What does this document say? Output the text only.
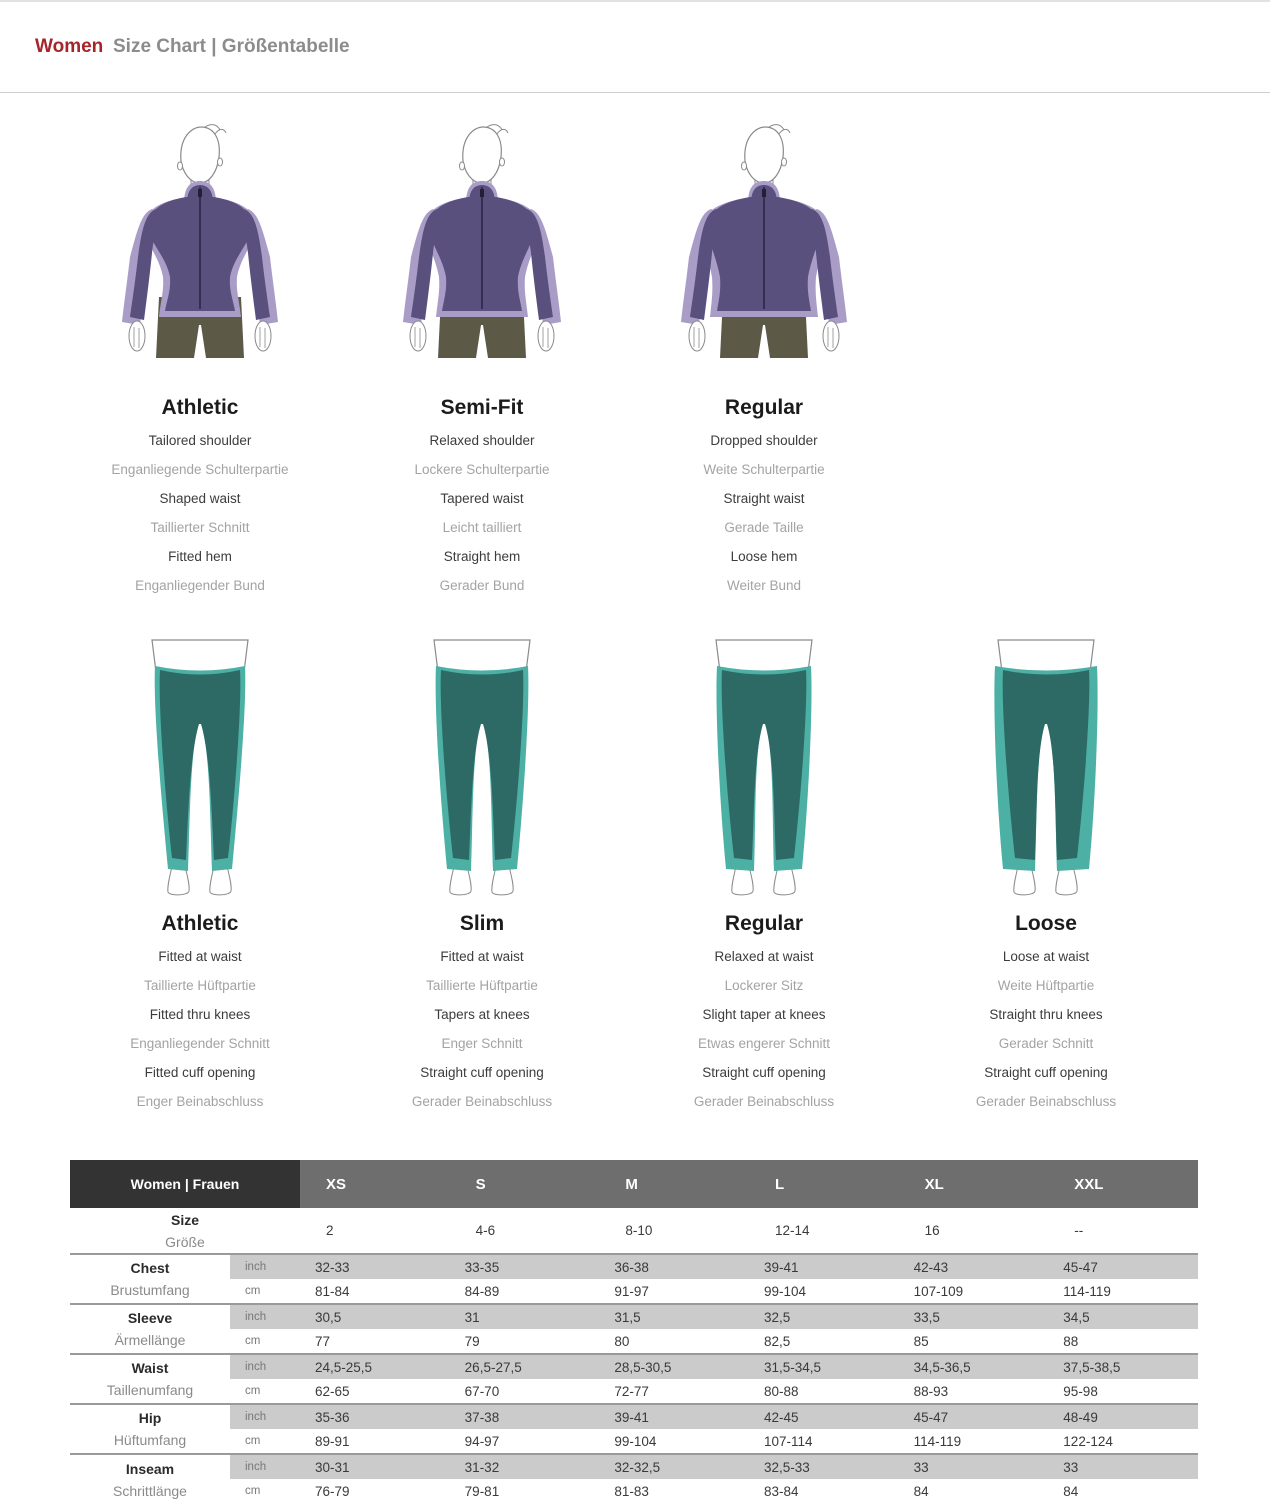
Women Size Chart | Größentabelle
Athletic
Tailored shoulder
Enganliegende Schulterpartie
Shaped waist
Taillierter Schnitt
Fitted hem
Enganliegender Bund
Semi-Fit
Relaxed shoulder
Lockere Schulterpartie
Tapered waist
Leicht tailliert
Straight hem
Gerader Bund
Regular
Dropped shoulder
Weite Schulterpartie
Straight waist
Gerade Taille
Loose hem
Weiter Bund
Athletic
Fitted at waist
Taillierte Hüftpartie
Fitted thru knees
Enganliegender Schnitt
Fitted cuff opening
Enger Beinabschluss
Slim
Fitted at waist
Taillierte Hüftpartie
Tapers at knees
Enger Schnitt
Straight cuff opening
Gerader Beinabschluss
Regular
Relaxed at waist
Lockerer Sitz
Slight taper at knees
Etwas engerer Schnitt
Straight cuff opening
Gerader Beinabschluss
Loose
Loose at waist
Weite Hüftpartie
Straight thru knees
Gerader Schnitt
Straight cuff opening
Gerader Beinabschluss
Women | Frauen		XS	S	M	L	XL	XXL

Size
Größe		2	4-6	8-10	12-14	16	--

Chest
Brustumfang	inch	32-33	33-35	36-38	39-41	42-43	45-47
	cm	81-84	84-89	91-97	99-104	107-109	114-119

Sleeve
Ärmellänge	inch	30,5	31	31,5	32,5	33,5	34,5
	cm	77	79	80	82,5	85	88

Waist
Taillenumfang	inch	24,5-25,5	26,5-27,5	28,5-30,5	31,5-34,5	34,5-36,5	37,5-38,5
	cm	62-65	67-70	72-77	80-88	88-93	95-98

Hip
Hüftumfang	inch	35-36	37-38	39-41	42-45	45-47	48-49
	cm	89-91	94-97	99-104	107-114	114-119	122-124

Inseam
Schrittlänge	inch	30-31	31-32	32-32,5	32,5-33	33	33
	cm	76-79	79-81	81-83	83-84	84	84
